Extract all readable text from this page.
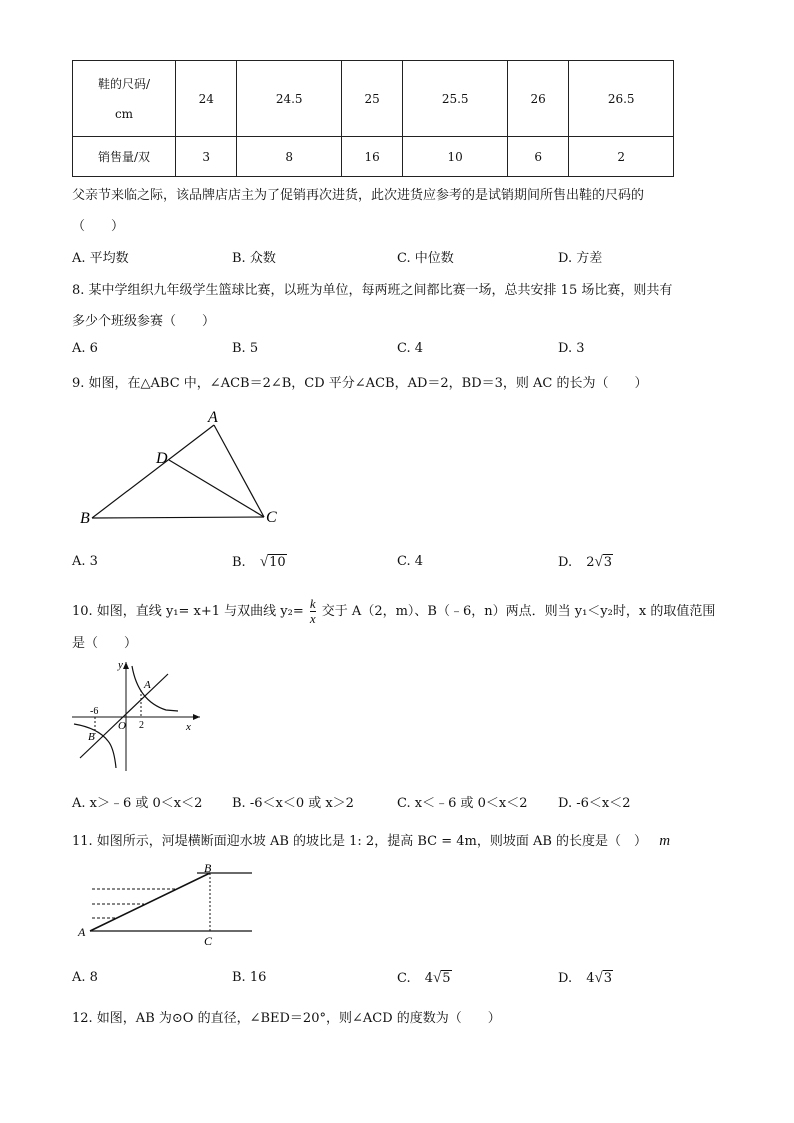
鞋的尺码/
cm	24	24.5	25	25.5	26	26.5
销售量/双	3	8	16	10	6	2
父亲节来临之际，该品牌店店主为了促销再次进货，此次进货应参考的是试销期间所售出鞋的尺码的
（　　）
A. 平均数	B. 众数	C. 中位数	D. 方差
8. 某中学组织九年级学生篮球比赛，以班为单位，每两班之间都比赛一场，总共安排 15 场比赛，则共有
多少个班级参赛（　　）
A. 6	B. 5	C. 4	D. 3
9. 如图，在△ABC 中，∠ACB＝2∠B，CD 平分∠ACB，AD＝2，BD＝3，则 AC 的长为（　　）
A
D
B	C
A. 3	B. √10	C. 4	D. 2√3
10. 如图，直线 y₁= x+1 与双曲线 $y_2= \frac{k}{x}$ 交于 A（2，m）、B（﹣6，n）两点．则当 y₁＜y₂时，x 的取值范围
是（　　）
y
x
O
A
B
-6
2
A. x＞﹣6 或 0＜x＜2 B. -6＜x＜0 或 x＞2	C. x＜﹣6 或 0＜x＜2 D. -6＜x＜2
11. 如图所示，河堤横断面迎水坡 AB 的坡比是 1: 2，提高 BC = 4m，则坡面 AB 的长度是（　） m
B
A
C
A. 8	B. 16	C. 4√5	D. 4√3
12. 如图，AB 为⊙O 的直径，∠BED＝20°，则∠ACD 的度数为（　　）
